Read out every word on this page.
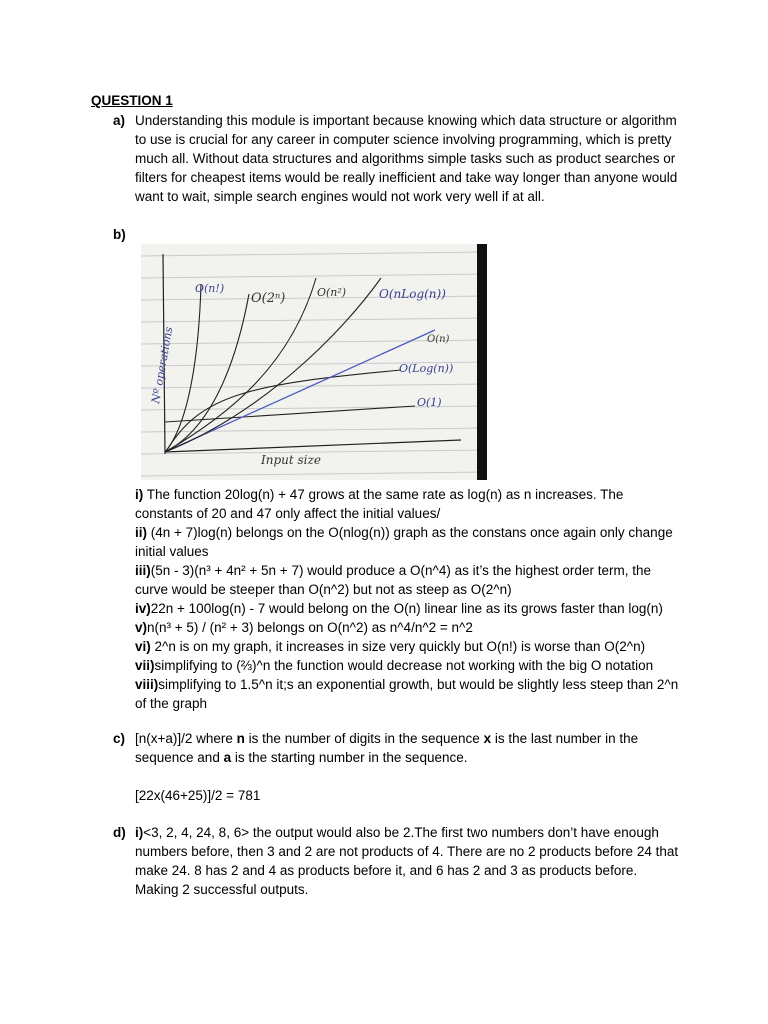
QUESTION 1
a) Understanding this module is important because knowing which data structure or algorithm to use is crucial for any career in computer science involving programming, which is pretty much all. Without data structures and algorithms simple tasks such as product searches or filters for cheapest items would be really inefficient and take way longer than anyone would want to wait, simple search engines would not work very well if at all.
b)
O(n!)
O(2ⁿ)	O(n²)	O(nLog(n))
O(n)
O(Log(n))
O(1)
Input size
Nº operations
i) The function 20log(n) + 47 grows at the same rate as log(n) as n increases. The constants of 20 and 47 only affect the initial values/
ii) (4n + 7)log(n) belongs on the O(nlog(n)) graph as the constans once again only change initial values
iii)(5n - 3)(n³ + 4n² + 5n + 7) would produce a O(n^4) as it’s the highest order term, the curve would be steeper than O(n^2) but not as steep as O(2^n)
iv)22n + 100log(n) - 7 would belong on the O(n) linear line as its grows faster than log(n)
v)n(n³ + 5) / (n² + 3) belongs on O(n^2) as n^4/n^2 = n^2
vi) 2^n is on my graph, it increases in size very quickly but O(n!) is worse than O(2^n)
vii)simplifying to (⅔)^n the function would decrease not working with the big O notation
viii)simplifying to 1.5^n it;s an exponential growth, but would be slightly less steep than 2^n of the graph
c) [n(x+a)]/2 where n is the number of digits in the sequence x is the last number in the sequence and a is the starting number in the sequence.
[22x(46+25)]/2 = 781
d) i)<3, 2, 4, 24, 8, 6> the output would also be 2.The first two numbers don’t have enough numbers before, then 3 and 2 are not products of 4. There are no 2 products before 24 that make 24. 8 has 2 and 4 as products before it, and 6 has 2 and 3 as products before. Making 2 successful outputs.
